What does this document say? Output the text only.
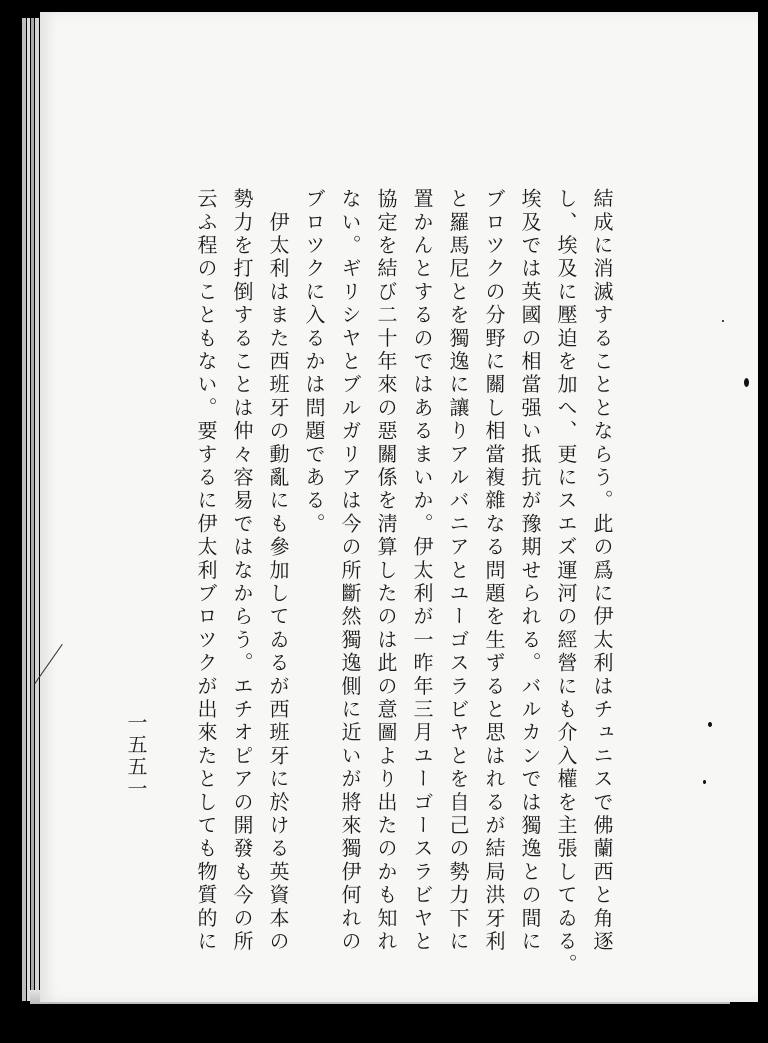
結成に消滅することとならう。此の爲に伊太利はチュニスで佛蘭西と角逐
し、埃及に壓迫を加へ、更にスエズ運河の經營にも介入權を主張してゐる。
埃及では英國の相當强い抵抗が豫期せられる。バルカンでは獨逸との間に
ブロツクの分野に關し相當複雜なる問題を生ずると思はれるが結局洪牙利
と羅馬尼とを獨逸に讓りアルバニアとユーゴスラビヤとを自己の勢力下に
置かんとするのではあるまいか。伊太利が一昨年三月ユーゴースラビヤと
協定を結び二十年來の惡關係を淸算したのは此の意圖より出たのかも知れ
ない。ギリシヤとブルガリアは今の所斷然獨逸側に近いが將來獨伊何れの
ブロツクに入るかは問題である。
　伊太利はまた西班牙の動亂にも參加してゐるが西班牙に於ける英資本の
勢力を打倒することは仲々容易ではなからう。エチオピアの開發も今の所
云ふ程のこともない。要するに伊太利ブロツクが出來たとしても物質的に
一五五一
